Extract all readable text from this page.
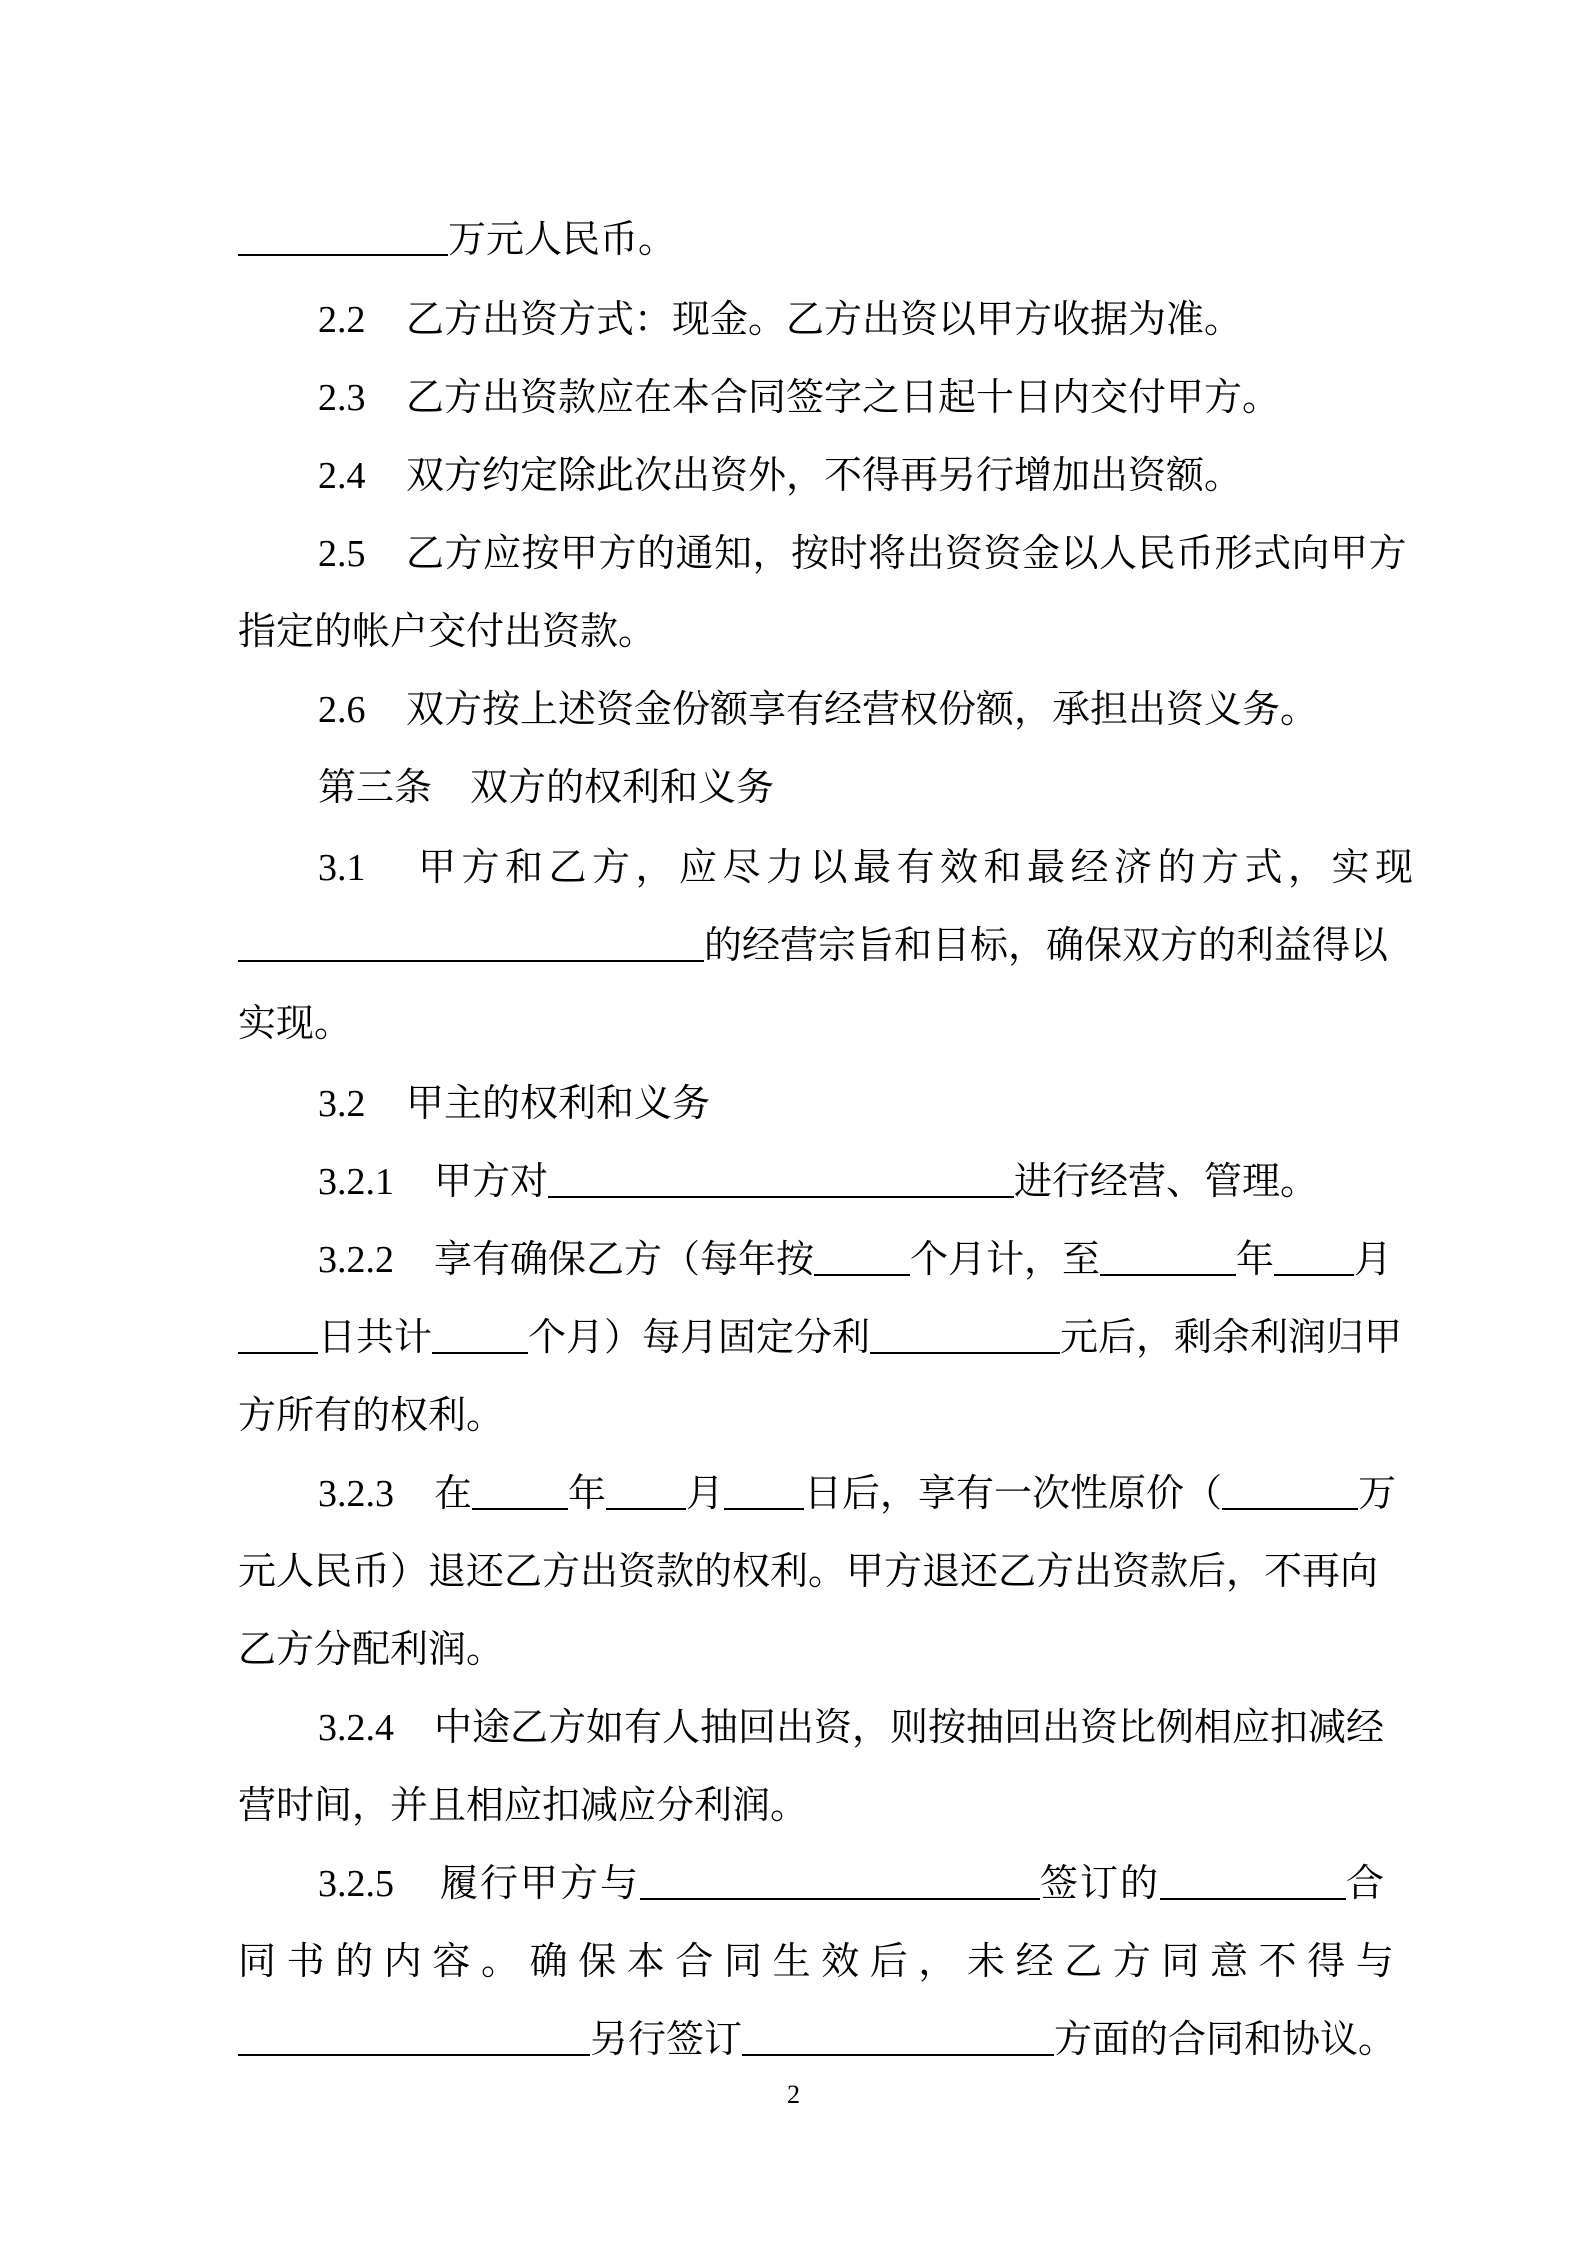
万元人民币。
2.2 乙方出资方式：现金。乙方出资以甲方收据为准。
2.3 乙方出资款应在本合同签字之日起十日内交付甲方。
2.4 双方约定除此次出资外，不得再另行增加出资额。
2.5 乙方应按甲方的通知，按时将出资资金以人民币形式向甲方
指定的帐户交付出资款。
2.6 双方按上述资金份额享有经营权份额，承担出资义务。
第三条　双方的权利和义务
3.1 甲方和乙方，应尽力以最有效和最经济的方式，实现
的经营宗旨和目标，确保双方的利益得以
实现。
3.2 甲主的权利和义务
3.2.1 甲方对	进行经营、管理。
3.2.2 享有确保乙方（每年按	个月计，至	年 月
日共计	个月）每月固定分利	元后，剩余利润归甲
方所有的权利。
3.2.3 在	年 月 日后，享有一次性原价（	万
元人民币）退还乙方出资款的权利。甲方退还乙方出资款后，不再向
乙方分配利润。
3.2.4 中途乙方如有人抽回出资，则按抽回出资比例相应扣减经
营时间，并且相应扣减应分利润。
3.2.5 履行甲方与	签订的	合
同书的内容。确保本合同生效后，未经乙方同意不得与
另行签订	方面的合同和协议。
2
